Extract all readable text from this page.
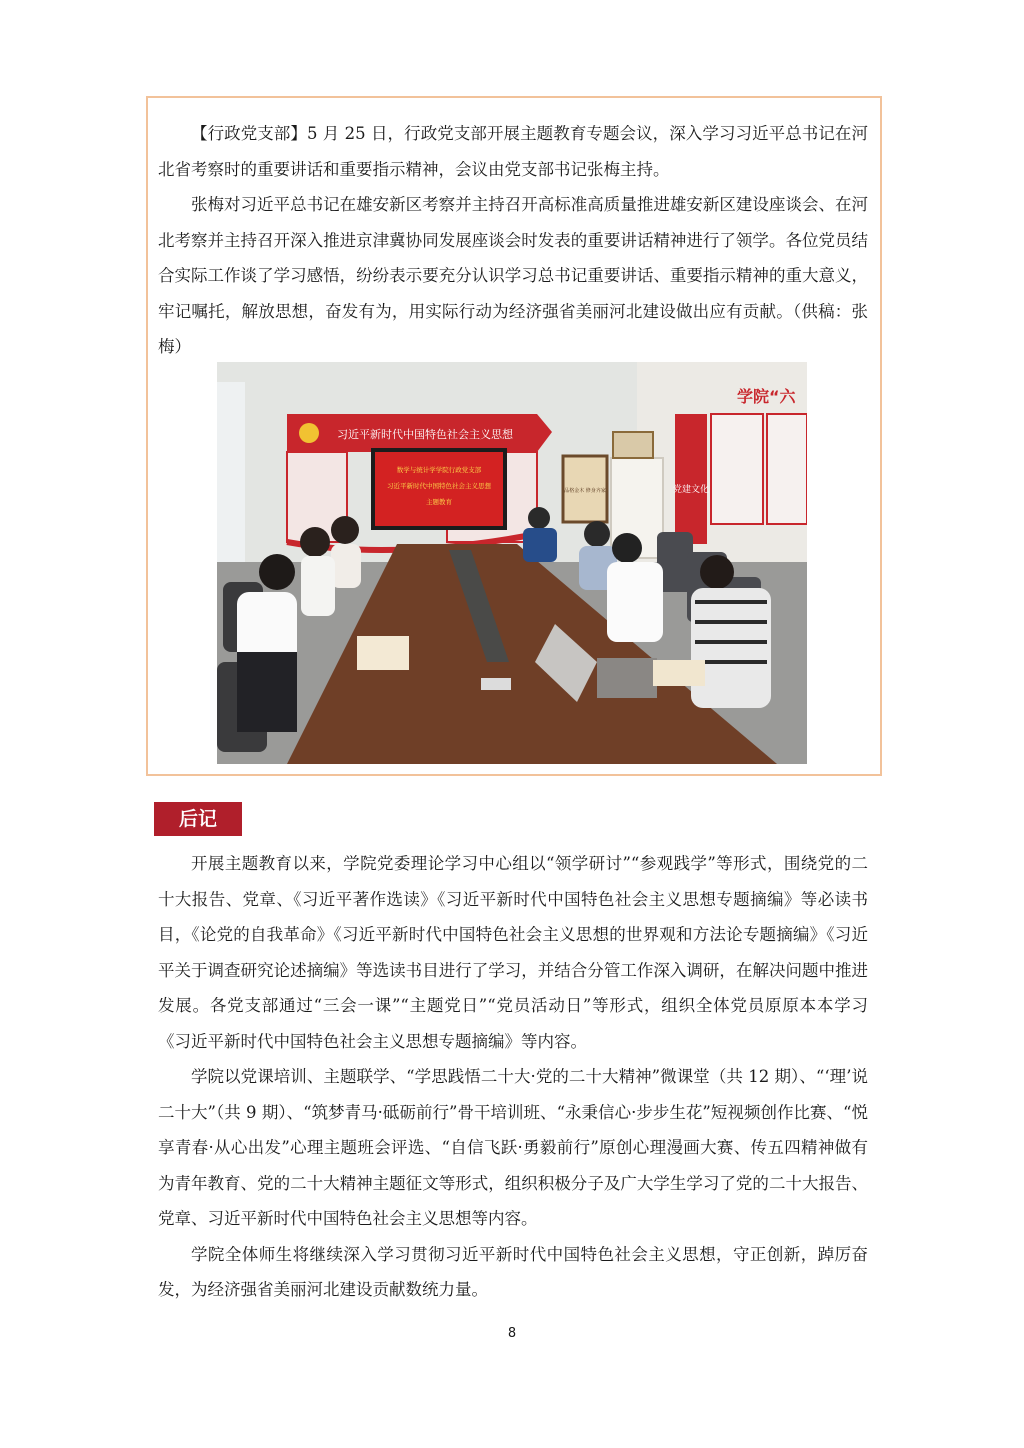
【行政党支部】5 月 25 日，行政党支部开展主题教育专题会议，深入学习习近平总书记在河北省考察时的重要讲话和重要指示精神，会议由党支部书记张梅主持。

张梅对习近平总书记在雄安新区考察并主持召开高标准高质量推进雄安新区建设座谈会、在河北考察并主持召开深入推进京津冀协同发展座谈会时发表的重要讲话精神进行了领学。各位党员结合实际工作谈了学习感悟，纷纷表示要充分认识学习总书记重要讲话、重要指示精神的重大意义，牢记嘱托，解放思想，奋发有为，用实际行动为经济强省美丽河北建设做出应有贡献。（供稿：张梅）

习近平新时代中国特色社会主义思想
数学与统计学学院行政党支部
习近平新时代中国特色社会主义思想
主题教育
品格金木 修身齐家
学院“六
党建文化
后记

开展主题教育以来，学院党委理论学习中心组以“领学研讨”“参观践学”等形式，围绕党的二十大报告、党章、《习近平著作选读》《习近平新时代中国特色社会主义思想专题摘编》等必读书目，《论党的自我革命》《习近平新时代中国特色社会主义思想的世界观和方法论专题摘编》《习近平关于调查研究论述摘编》等选读书目进行了学习，并结合分管工作深入调研，在解决问题中推进发展。各党支部通过“三会一课”“主题党日”“党员活动日”等形式，组织全体党员原原本本学习《习近平新时代中国特色社会主义思想专题摘编》等内容。

学院以党课培训、主题联学、“学思践悟二十大·党的二十大精神”微课堂（共 12 期）、“‘理’说二十大”（共 9 期）、“筑梦青马·砥砺前行”骨干培训班、“永秉信心·步步生花”短视频创作比赛、“悦享青春·从心出发”心理主题班会评选、“自信飞跃·勇毅前行”原创心理漫画大赛、传五四精神做有为青年教育、党的二十大精神主题征文等形式，组织积极分子及广大学生学习了党的二十大报告、党章、习近平新时代中国特色社会主义思想等内容。

学院全体师生将继续深入学习贯彻习近平新时代中国特色社会主义思想，守正创新，踔厉奋发，为经济强省美丽河北建设贡献数统力量。

8
